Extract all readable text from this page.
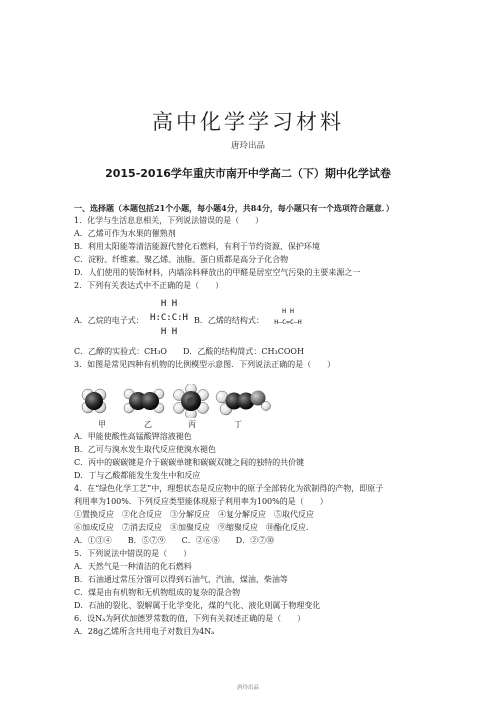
高中化学学习材料
唐玲出品
2015-2016学年重庆市南开中学高二（下）期中化学试卷
一、选择题（本题包括21个小题，每小题4分，共84分，每小题只有一个选项符合题意．）
1．化学与生活息息相关，下列说法错误的是（　　）
A．乙烯可作为水果的催熟剂
B．利用太阳能等清洁能源代替化石燃料，有利于节约资源、保护环境
C．淀粉、纤维素、聚乙烯、油脂、蛋白质都是高分子化合物
D．人们使用的装饰材料，内墙涂料释放出的甲醛是居室空气污染的主要来源之一
2．下列有关表达式中不正确的是（　　）
A．乙烷的电子式：
H H
H:C:C:H
H H
B．乙烯的结构式：
H H
H—C=C—H
C．乙醇的实验式：CH₃O　　D．乙酸的结构简式：CH₃COOH
3．如图是常见四种有机物的比例模型示意图．下列说法正确的是（　　）
甲	乙	丙	丁
A．甲能使酸性高锰酸钾溶液褪色
B．乙可与溴水发生取代反应使溴水褪色
C．丙中的碳碳键是介于碳碳单键和碳碳双键之间的独特的共价键
D．丁与乙酸都能发生发生中和反应
4．在“绿色化学工艺”中，理想状态是反应物中的原子全部转化为欲制得的产物，即原子
利用率为100%．下列反应类型能体现原子利用率为100%的是（　　）
①置换反应　②化合反应　③分解反应　④复分解反应　⑤取代反应
⑥加成反应　⑦消去反应　⑧加聚反应　⑨缩聚反应　⑩酯化反应．
A．①③④　　B．⑤⑦⑨　　C．②⑥⑧　　D．②⑦⑩
5．下列说法中错误的是（　　）
A．天然气是一种清洁的化石燃料
B．石油通过常压分馏可以得到石油气、汽油、煤油、柴油等
C．煤是由有机物和无机物组成的复杂的混合物
D．石油的裂化、裂解属于化学变化，煤的气化、液化则属于物理变化
6．设Nₐ为阿伏加德罗常数的值，下列有关叙述正确的是（　　）
A．28g乙烯所含共用电子对数目为4Nₐ
唐玲出品
